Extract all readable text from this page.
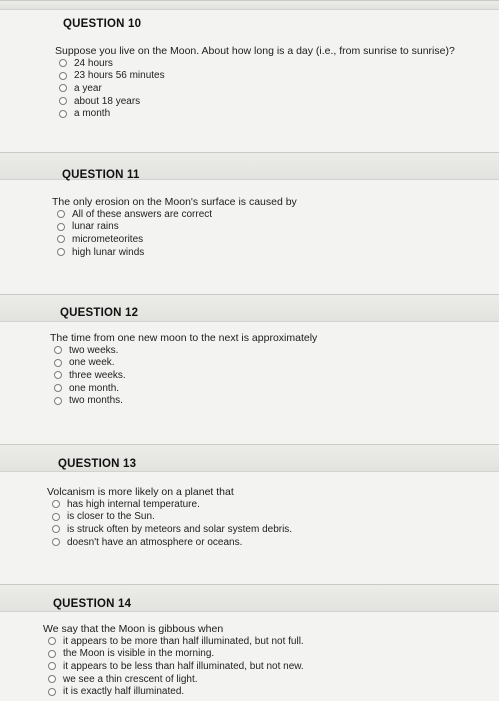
QUESTION 10
Suppose you live on the Moon. About how long is a day (i.e., from sunrise to sunrise)?
24 hours
23 hours 56 minutes
a year
about 18 years
a month
QUESTION 11
The only erosion on the Moon's surface is caused by
All of these answers are correct
lunar rains
micrometeorites
high lunar winds
QUESTION 12
The time from one new moon to the next is approximately
two weeks.
one week.
three weeks.
one month.
two months.
QUESTION 13
Volcanism is more likely on a planet that
has high internal temperature.
is closer to the Sun.
is struck often by meteors and solar system debris.
doesn't have an atmosphere or oceans.
QUESTION 14
We say that the Moon is gibbous when
it appears to be more than half illuminated, but not full.
the Moon is visible in the morning.
it appears to be less than half illuminated, but not new.
we see a thin crescent of light.
it is exactly half illuminated.
